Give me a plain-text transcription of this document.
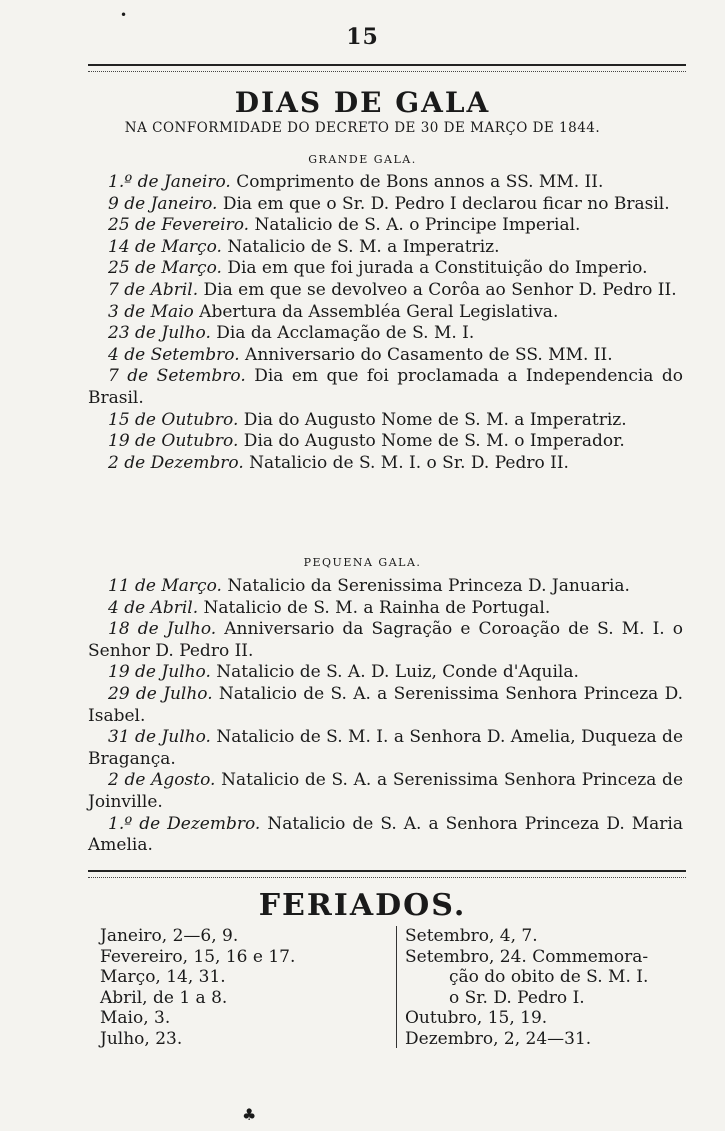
•
15
DIAS DE GALA
NA CONFORMIDADE DO DECRETO DE 30 DE MARÇO DE 1844.
GRANDE GALA.
1.º de Janeiro. Comprimento de Bons annos a SS. MM. II.
9 de Janeiro. Dia em que o Sr. D. Pedro I declarou ficar no Brasil.
25 de Fevereiro. Natalicio de S. A. o Principe Imperial.
14 de Março. Natalicio de S. M. a Imperatriz.
25 de Março. Dia em que foi jurada a Constituição do Imperio.
7 de Abril. Dia em que se devolveo a Corôa ao Senhor D. Pedro II.
3 de Maio Abertura da Assembléa Geral Legislativa.
23 de Julho. Dia da Acclamação de S. M. I.
4 de Setembro. Anniversario do Casamento de SS. MM. II.
7 de Setembro. Dia em que foi proclamada a Independencia do Brasil.
15 de Outubro. Dia do Augusto Nome de S. M. a Imperatriz.
19 de Outubro. Dia do Augusto Nome de S. M. o Imperador.
2 de Dezembro. Natalicio de S. M. I. o Sr. D. Pedro II.
PEQUENA GALA.
11 de Março. Natalicio da Serenissima Princeza D. Januaria.
4 de Abril. Natalicio de S. M. a Rainha de Portugal.
18 de Julho. Anniversario da Sagração e Coroação de S. M. I. o Senhor D. Pedro II.
19 de Julho. Natalicio de S. A. D. Luiz, Conde d'Aquila.
29 de Julho. Natalicio de S. A. a Serenissima Senhora Princeza D. Isabel.
31 de Julho. Natalicio de S. M. I. a Senhora D. Amelia, Duqueza de Bragança.
2 de Agosto. Natalicio de S. A. a Serenissima Senhora Princeza de Joinville.
1.º de Dezembro. Natalicio de S. A. a Senhora Princeza D. Maria Amelia.
FERIADOS.
Janeiro, 2—6, 9.
Fevereiro, 15, 16 e 17.
Março, 14, 31.
Abril, de 1 a 8.
Maio, 3.
Julho, 23.
Setembro, 4, 7.
Setembro, 24. Commemora-
ção do obito de S. M. I.
o Sr. D. Pedro I.
Outubro, 15, 19.
Dezembro, 2, 24—31.
♣
